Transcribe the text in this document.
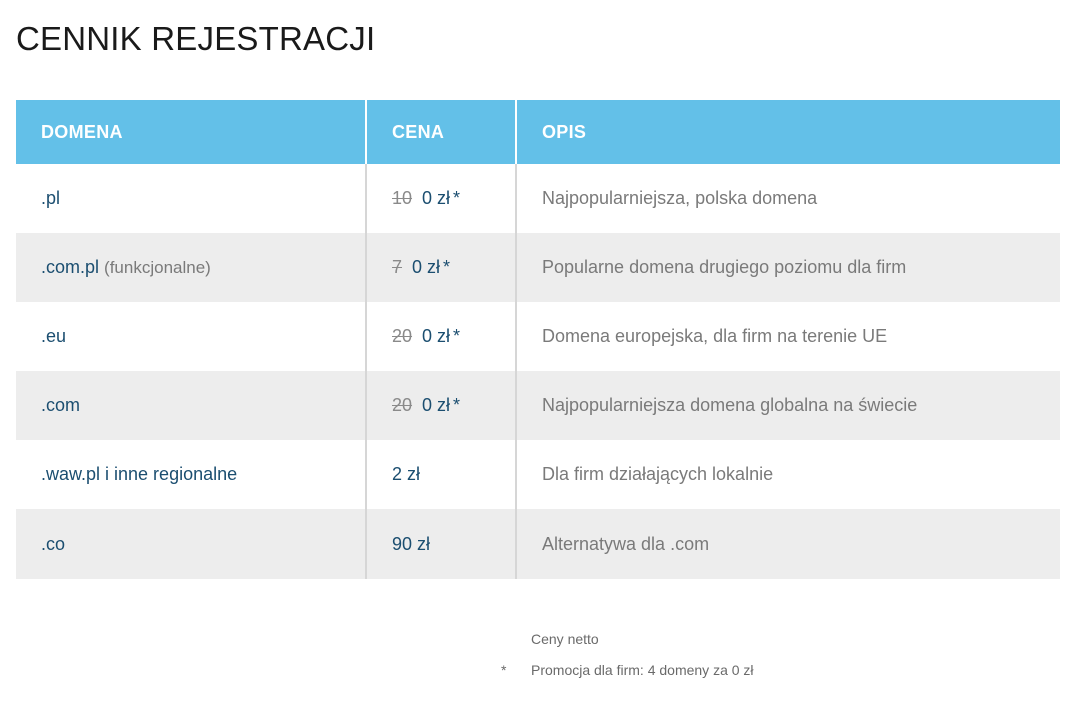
CENNIK REJESTRACJI
DOMENA	CENA	OPIS
.pl	10 0 zł *	Najpopularniejsza, polska domena
.com.pl (funkcjonalne)	7 0 zł *	Popularne domena drugiego poziomu dla firm
.eu	20 0 zł *	Domena europejska, dla firm na terenie UE
.com	20 0 zł *	Najpopularniejsza domena globalna na świecie
.waw.pl i inne regionalne	2 zł	Dla firm działających lokalnie
.co	90 zł	Alternatywa dla .com
Ceny netto
* Promocja dla firm: 4 domeny za 0 zł
